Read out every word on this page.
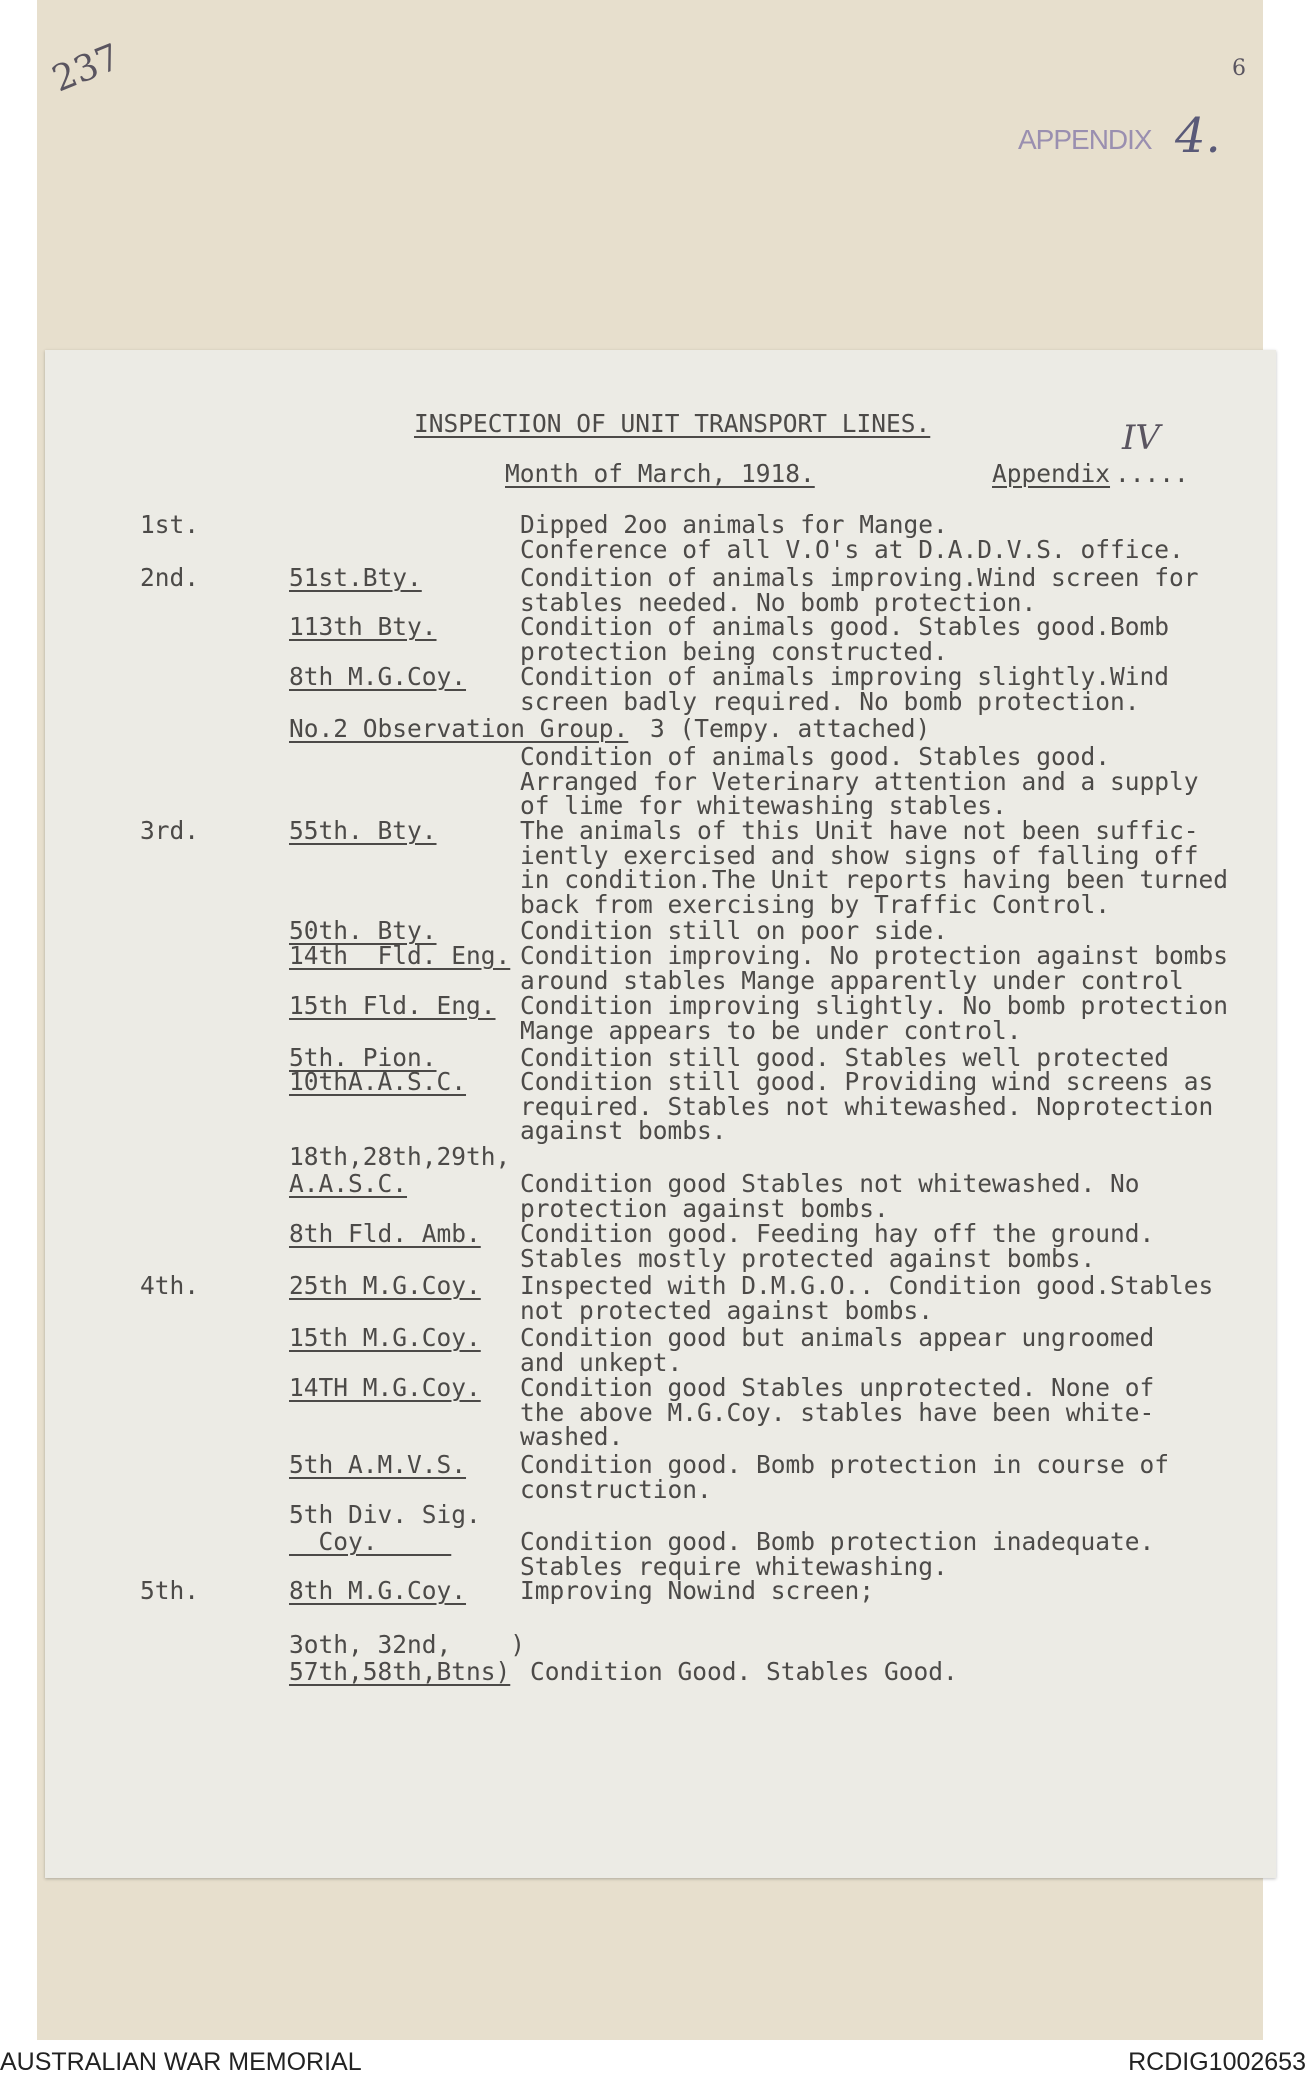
237	6
APPENDIX 4.
INSPECTION OF UNIT TRANSPORT LINES.
Month of March, 1918.	Appendix .....
IV
1st.	Dipped 2oo animals for Mange.
Conference of all V.O's at D.A.D.V.S. office.
2nd.	51st.Bty.	Condition of animals improving.Wind screen for
stables needed. No bomb protection.
113th Bty.	Condition of animals good. Stables good.Bomb
protection being constructed.
8th M.G.Coy. Condition of animals improving slightly.Wind
screen badly required. No bomb protection.
No.2 Observation Group. 3 (Tempy. attached)
Condition of animals good. Stables good.
Arranged for Veterinary attention and a supply
of lime for whitewashing stables.
3rd.	55th. Bty.	The animals of this Unit have not been suffic-
iently exercised and show signs of falling off
in condition.The Unit reports having been turned
back from exercising by Traffic Control.
50th. Bty.	Condition still on poor side.
14th  Fld. Eng. Condition improving. No protection against bombs
around stables Mange apparently under control
15th Fld. Eng. Condition improving slightly. No bomb protection
Mange appears to be under control.
5th. Pion.	Condition still good. Stables well protected
10thA.A.S.C. Condition still good. Providing wind screens as
required. Stables not whitewashed. Noprotection
against bombs.
18th,28th,29th,
A.A.S.C.	Condition good Stables not whitewashed. No
protection against bombs.
8th Fld. Amb. Condition good. Feeding hay off the ground.
Stables mostly protected against bombs.
4th.	25th M.G.Coy. Inspected with D.M.G.O.. Condition good.Stables
not protected against bombs.
15th M.G.Coy. Condition good but animals appear ungroomed
and unkept.
14TH M.G.Coy. Condition good Stables unprotected. None of
the above M.G.Coy. stables have been white-
washed.
5th A.M.V.S. Condition good. Bomb protection in course of
construction.
5th Div. Sig.
Coy.	Condition good. Bomb protection inadequate.
Stables require whitewashing.
5th.	8th M.G.Coy. Improving Nowind screen;
3oth, 32nd,    )
57th,58th,Btns) Condition Good. Stables Good.
AUSTRALIAN WAR MEMORIAL	RCDIG1002653
